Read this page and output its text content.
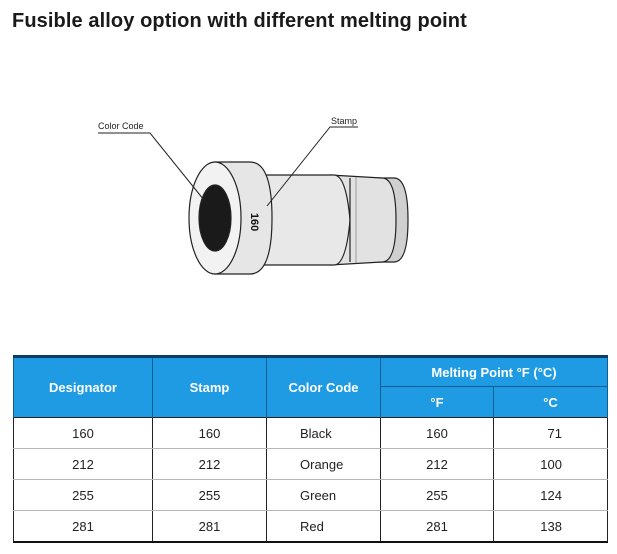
Fusible alloy option with different melting point
160
Color Code	Stamp
Designator	Stamp	Color Code	Melting Point °F (°C)	
			°F	°C
160	160	Black	160	71
212	212	Orange	212	100
255	255	Green	255	124
281	281	Red	281	138
